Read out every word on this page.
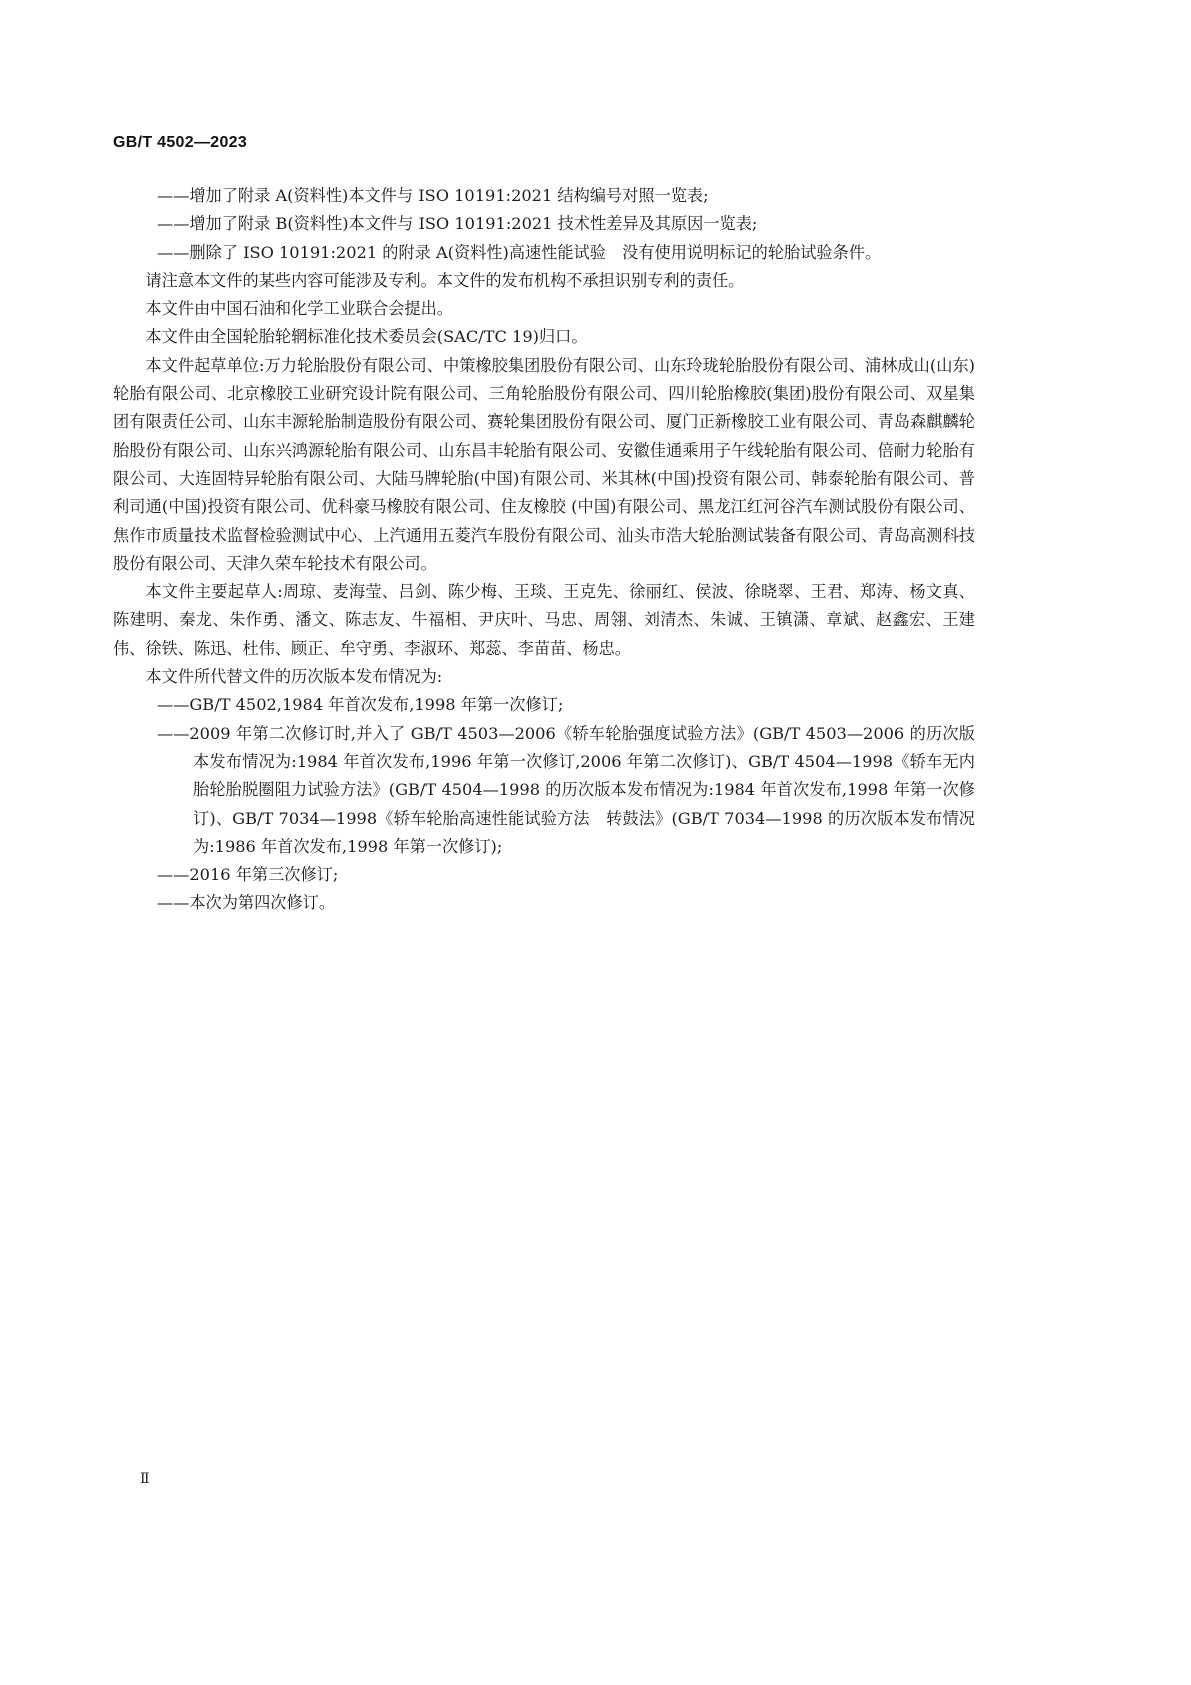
GB/T 4502—2023

——增加了附录 A(资料性)本文件与 ISO 10191:2021 结构编号对照一览表;

——增加了附录 B(资料性)本文件与 ISO 10191:2021 技术性差异及其原因一览表;

——删除了 ISO 10191:2021 的附录 A(资料性)高速性能试验　没有使用说明标记的轮胎试验条件。

请注意本文件的某些内容可能涉及专利。本文件的发布机构不承担识别专利的责任。

本文件由中国石油和化学工业联合会提出。

本文件由全国轮胎轮辋标准化技术委员会(SAC/TC 19)归口。

本文件起草单位:万力轮胎股份有限公司、中策橡胶集团股份有限公司、山东玲珑轮胎股份有限公司、浦林成山(山东)轮胎有限公司、北京橡胶工业研究设计院有限公司、三角轮胎股份有限公司、四川轮胎橡胶(集团)股份有限公司、双星集团有限责任公司、山东丰源轮胎制造股份有限公司、赛轮集团股份有限公司、厦门正新橡胶工业有限公司、青岛森麒麟轮胎股份有限公司、山东兴鸿源轮胎有限公司、山东昌丰轮胎有限公司、安徽佳通乘用子午线轮胎有限公司、倍耐力轮胎有限公司、大连固特异轮胎有限公司、大陆马牌轮胎(中国)有限公司、米其林(中国)投资有限公司、韩泰轮胎有限公司、普利司通(中国)投资有限公司、优科豪马橡胶有限公司、住友橡胶 (中国)有限公司、黑龙江红河谷汽车测试股份有限公司、焦作市质量技术监督检验测试中心、上汽通用五菱汽车股份有限公司、汕头市浩大轮胎测试装备有限公司、青岛高测科技股份有限公司、天津久荣车轮技术有限公司。

本文件主要起草人:周琼、麦海莹、吕剑、陈少梅、王琰、王克先、徐丽红、侯波、徐晓翠、王君、郑涛、杨文真、陈建明、秦龙、朱作勇、潘文、陈志友、牛福相、尹庆叶、马忠、周翎、刘清杰、朱诚、王镇潇、章斌、赵鑫宏、王建伟、徐铁、陈迅、杜伟、顾正、牟守勇、李淑环、郑蕊、李苗苗、杨忠。

本文件所代替文件的历次版本发布情况为:

——GB/T 4502,1984 年首次发布,1998 年第一次修订;

——2009 年第二次修订时,并入了 GB/T 4503—2006《轿车轮胎强度试验方法》(GB/T 4503—2006 的历次版本发布情况为:1984 年首次发布,1996 年第一次修订,2006 年第二次修订)、GB/T 4504—1998《轿车无内胎轮胎脱圈阻力试验方法》(GB/T 4504—1998 的历次版本发布情况为:1984 年首次发布,1998 年第一次修订)、GB/T 7034—1998《轿车轮胎高速性能试验方法　转鼓法》(GB/T 7034—1998 的历次版本发布情况为:1986 年首次发布,1998 年第一次修订);

——2016 年第三次修订;

——本次为第四次修订。

Ⅱ
